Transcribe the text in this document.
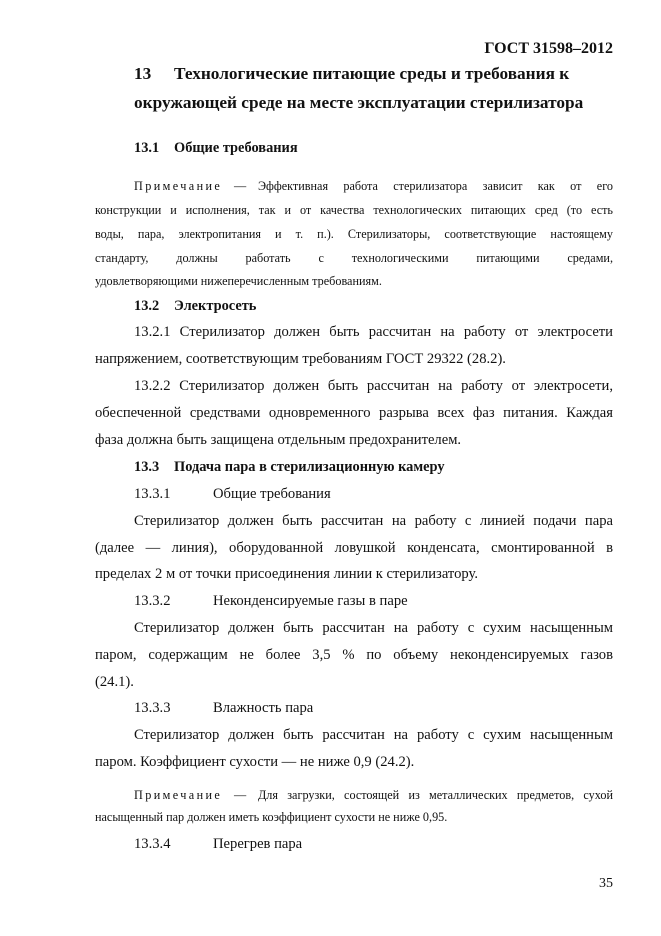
ГОСТ 31598–2012
13 Технологические питающие среды и требования к
окружающей среде на месте эксплуатации стерилизатора
13.1 Общие требования
Примечание — Эффективная работа стерилизатора зависит как от его
конструкции и исполнения, так и от качества технологических питающих сред (то есть
воды, пара, электропитания и т. п.). Стерилизаторы, соответствующие настоящему
стандарту, должны работать с технологическими питающими средами,
удовлетворяющими нижеперечисленным требованиям.
13.2 Электросеть
13.2.1 Стерилизатор должен быть рассчитан на работу от электросети
напряжением, соответствующим требованиям ГОСТ 29322 (28.2).
13.2.2 Стерилизатор должен быть рассчитан на работу от электросети,
обеспеченной средствами одновременного разрыва всех фаз питания. Каждая
фаза должна быть защищена отдельным предохранителем.
13.3 Подача пара в стерилизационную камеру
13.3.1	Общие требования
Стерилизатор должен быть рассчитан на работу с линией подачи пара
(далее — линия), оборудованной ловушкой конденсата, смонтированной в
пределах 2 м от точки присоединения линии к стерилизатору.
13.3.2	Неконденсируемые газы в паре
Стерилизатор должен быть рассчитан на работу с сухим насыщенным
паром, содержащим не более 3,5 % по объему неконденсируемых газов
(24.1).
13.3.3	Влажность пара
Стерилизатор должен быть рассчитан на работу с сухим насыщенным
паром. Коэффициент сухости — не ниже 0,9 (24.2).
Примечание — Для загрузки, состоящей из металлических предметов, сухой
насыщенный пар должен иметь коэффициент сухости не ниже 0,95.
13.3.4	Перегрев пара
35
